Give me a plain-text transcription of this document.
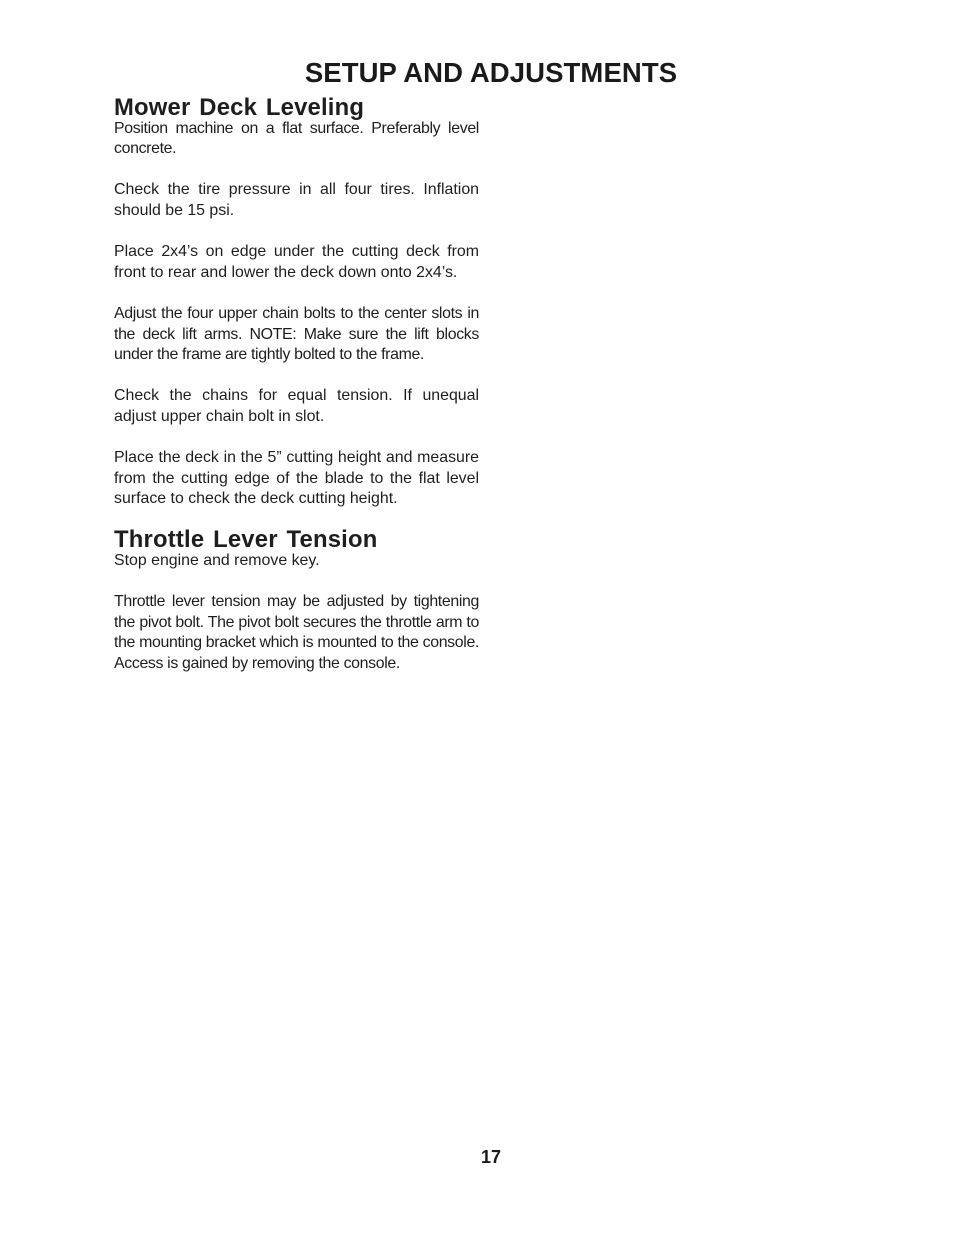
SETUP AND ADJUSTMENTS
Mower Deck Leveling

Position machine on a flat surface. Preferably level concrete.

Check the tire pressure in all four tires. Inflation should be 15 psi.

Place 2x4’s on edge under the cutting deck from front to rear and lower the deck down onto 2x4’s.

Adjust the four upper chain bolts to the center slots in the deck lift arms. NOTE: Make sure the lift blocks under the frame are tightly bolted to the frame.

Check the chains for equal tension. If unequal adjust upper chain bolt in slot.

Place the deck in the 5” cutting height and measure from the cutting edge of the blade to the flat level surface to check the deck cutting height.

Throttle Lever Tension

Stop engine and remove key.

Throttle lever tension may be adjusted by tightening the pivot bolt. The pivot bolt secures the throttle arm to the mounting bracket which is mounted to the console. Access is gained by removing the console.

17
